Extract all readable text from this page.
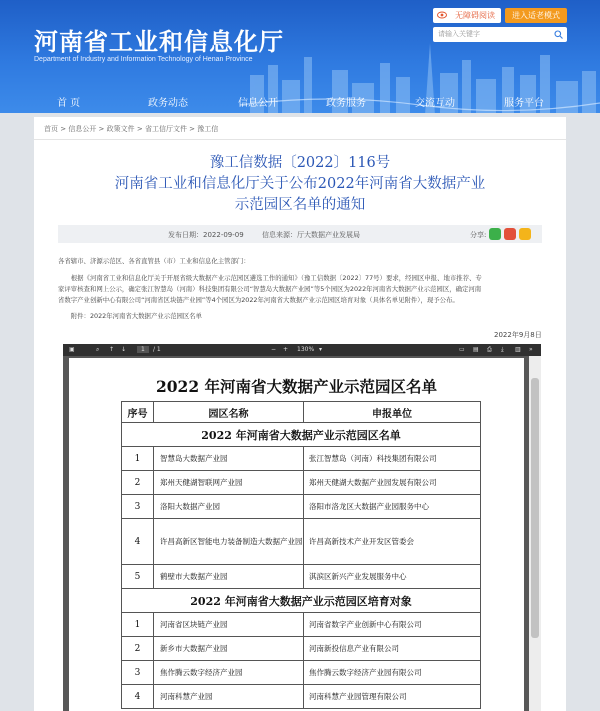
河南省工业和信息化厅
Department of Industry and Information Technology of Henan Province
无障碍阅读	进入适老模式
请输入关键字
首 页	政务动态	信息公开	政务服务	交流互动	服务平台
首页 > 信息公开 > 政策文件 > 省工信厅文件 > 豫工信
豫工信数据〔2022〕116号
河南省工业和信息化厅关于公布2022年河南省大数据产业
示范园区名单的通知
发布日期：2022-09-09	信息来源：厅大数据产业发展局	分享:
各省辖市、济源示范区、各省直管县（市）工业和信息化主管部门：
　　根据《河南省工业和信息化厅关于开展省级大数据产业示范园区遴选工作的通知》（豫工信数据〔2022〕77号）要求，经园区申报、地市推荐、专
家评审核查和网上公示，确定张江智慧岛（河南）科技集团有限公司“智慧岛大数据产业园”等5个园区为2022年河南省大数据产业示范园区，确定河南
省数字产业创新中心有限公司“河南省区块链产业园”等4个园区为2022年河南省大数据产业示范园区培育对象（具体名单见附件），现予公布。
　　附件：2022年河南省大数据产业示范园区名单
2022年9月8日
▣	⌕ ↑ ↓	1	/ 1	− + 130% ▾	▭ ▤ ⎙ ⤓ ▥ »
2022 年河南省大数据产业示范园区名单
序号	园区名称	申报单位
2022 年河南省大数据产业示范园区名单		
1	智慧岛大数据产业园	张江智慧岛（河南）科技集团有限公司
2	郑州天健湖智联网产业园	郑州天健湖大数据产业园发展有限公司
3	洛阳大数据产业园	洛阳市洛龙区大数据产业园服务中心
4	许昌高新区智能电力装备制造大数据产业园	许昌高新技术产业开发区管委会
5	鹤壁市大数据产业园	淇滨区新兴产业发展服务中心
2022 年河南省大数据产业示范园区培育对象		
1	河南省区块链产业园	河南省数字产业创新中心有限公司
2	新乡市大数据产业园	河南新投信息产业有限公司
3	焦作腾云数字经济产业园	焦作腾云数字经济产业园有限公司
4	河南科慧产业园	河南科慧产业园管理有限公司
